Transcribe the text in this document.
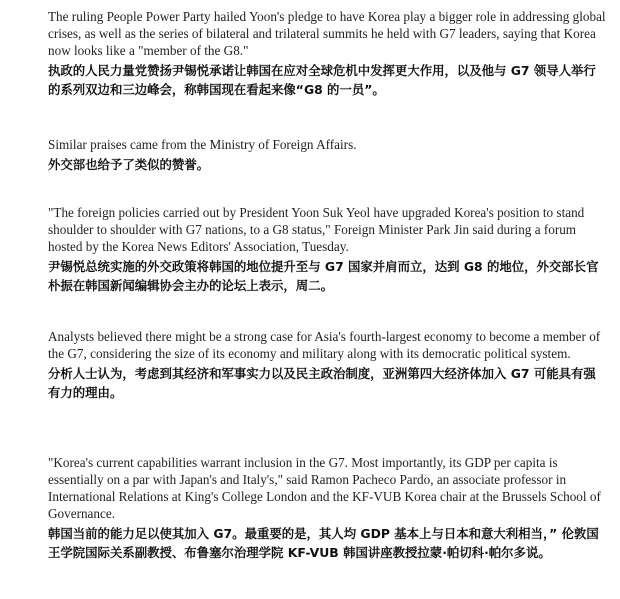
The ruling People Power Party hailed Yoon's pledge to have Korea play a bigger role in addressing global crises, as well as the series of bilateral and trilateral summits he held with G7 leaders, saying that Korea now looks like a "member of the G8."

执政的人民力量党赞扬尹锡悦承诺让韩国在应对全球危机中发挥更大作用，以及他与 G7 领导人举行的系列双边和三边峰会，称韩国现在看起来像“G8 的一员”。

Similar praises came from the Ministry of Foreign Affairs.

外交部也给予了类似的赞誉。

"The foreign policies carried out by President Yoon Suk Yeol have upgraded Korea's position to stand shoulder to shoulder with G7 nations, to a G8 status," Foreign Minister Park Jin said during a forum hosted by the Korea News Editors' Association, Tuesday.

尹锡悦总统实施的外交政策将韩国的地位提升至与 G7 国家并肩而立，达到 G8 的地位，外交部长官朴振在韩国新闻编辑协会主办的论坛上表示，周二。

Analysts believed there might be a strong case for Asia's fourth-largest economy to become a member of the G7, considering the size of its economy and military along with its democratic political system.

分析人士认为，考虑到其经济和军事实力以及民主政治制度，亚洲第四大经济体加入 G7 可能具有强有力的理由。

"Korea's current capabilities warrant inclusion in the G7. Most importantly, its GDP per capita is essentially on a par with Japan's and Italy's," said Ramon Pacheco Pardo, an associate professor in International Relations at King's College London and the KF-VUB Korea chair at the Brussels School of Governance.

韩国当前的能力足以使其加入 G7。最重要的是，其人均 GDP 基本上与日本和意大利相当，” 伦敦国王学院国际关系副教授、布鲁塞尔治理学院 KF-VUB 韩国讲座教授拉蒙·帕切科·帕尔多说。
